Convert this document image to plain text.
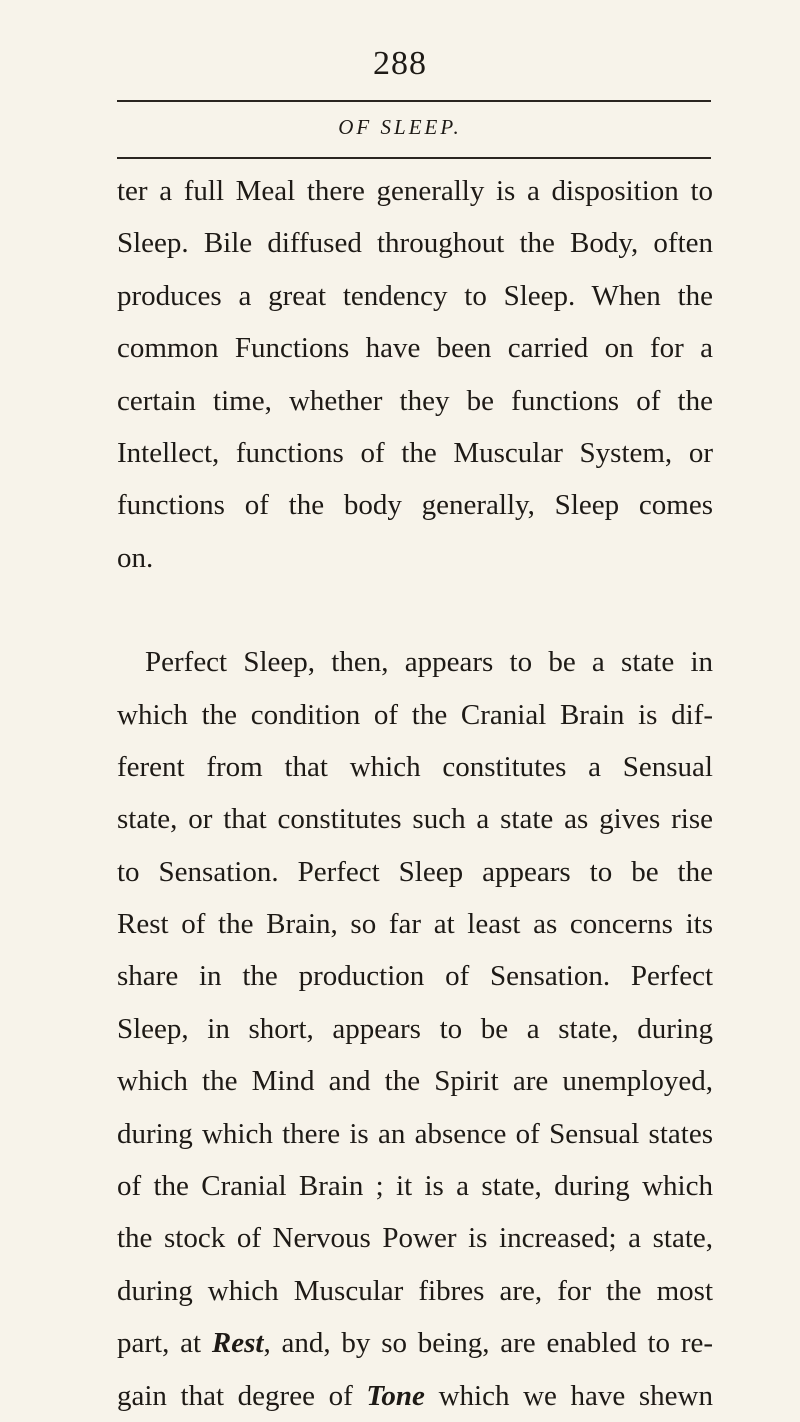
288
OF SLEEP.
ter a full Meal there generally is a disposition to
Sleep. Bile diffused throughout the Body, often
produces a great tendency to Sleep. When the
common Functions have been carried on for a
certain time, whether they be functions of the
Intellect, functions of the Muscular System, or
functions of the body generally, Sleep comes
on.
Perfect Sleep, then, appears to be a state in
which the condition of the Cranial Brain is dif-
ferent from that which constitutes a Sensual
state, or that constitutes such a state as gives rise
to Sensation. Perfect Sleep appears to be the
Rest of the Brain, so far at least as concerns its
share in the production of Sensation. Perfect
Sleep, in short, appears to be a state, during
which the Mind and the Spirit are unemployed,
during which there is an absence of Sensual states
of the Cranial Brain ; it is a state, during which
the stock of Nervous Power is increased; a state,
during which Muscular fibres are, for the most
part, at Rest, and, by so being, are enabled to re-
gain that degree of Tone which we have shewn
